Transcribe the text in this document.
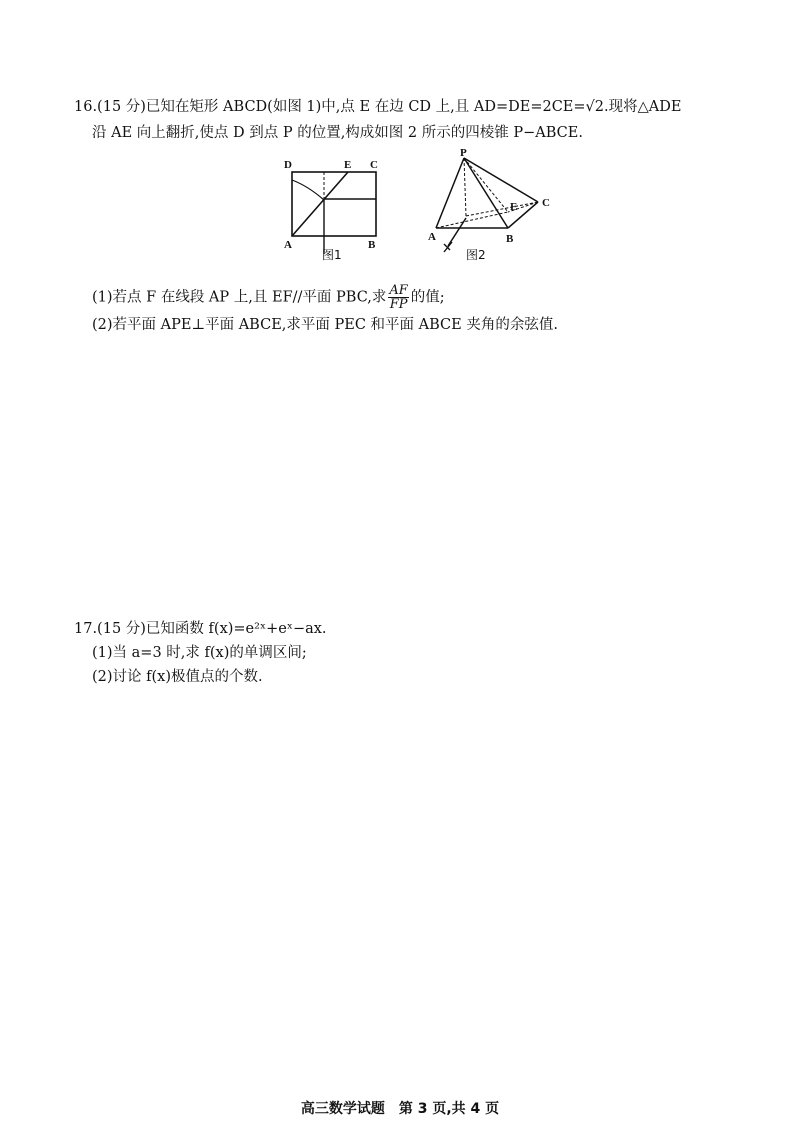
16.(15 分)已知在矩形 ABCD(如图 1)中,点 E 在边 CD 上,且 AD=DE=2CE=√2.现将△ADE
沿 AE 向上翻折,使点 D 到点 P 的位置,构成如图 2 所示的四棱锥 P−ABCE.
D	E C
A	B
图1
P
E C
A	B
图2
(1)若点 F 在线段 AP 上,且 EF//平面 PBC,求 $\frac{AF}{FP}$ 的值;
(2)若平面 APE⊥平面 ABCE,求平面 PEC 和平面 ABCE 夹角的余弦值.
17.(15 分)已知函数 f(x)=e²ˣ+eˣ−ax.
(1)当 a=3 时,求 f(x)的单调区间;
(2)讨论 f(x)极值点的个数.
高三数学试题　第 3 页,共 4 页
